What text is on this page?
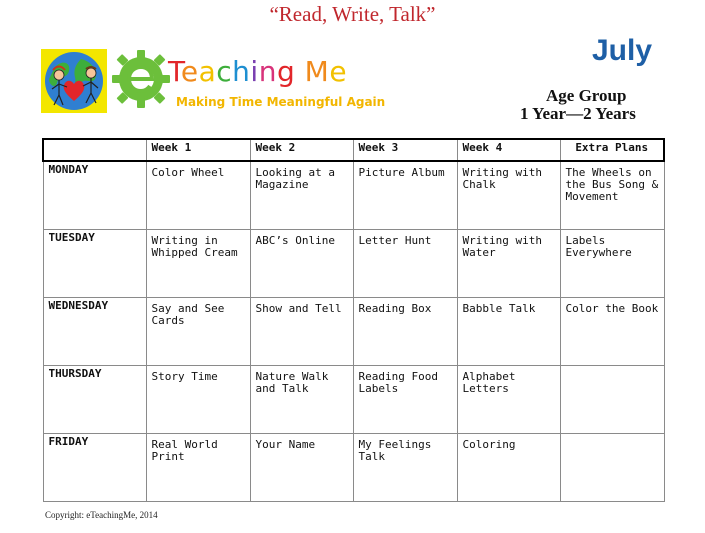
“Read, Write, Talk”
Teaching Me
Making Time Meaningful Again
July
Age Group
1 Year—2 Years
	Week 1	Week 2	Week 3	Week 4	Extra Plans
MONDAY	Color Wheel	Looking at a Magazine	Picture Album	Writing with Chalk	The Wheels on the Bus Song & Movement
TUESDAY	Writing in Whipped Cream	ABC’s Online	Letter Hunt	Writing with Water	Labels Everywhere
WEDNESDAY	Say and See Cards	Show and Tell	Reading Box	Babble Talk	Color the Book
THURSDAY	Story Time	Nature Walk and Talk	Reading Food Labels	Alphabet Letters	
FRIDAY	Real World Print	Your Name	My Feelings Talk	Coloring	
Copyright: eTeachingMe, 2014
